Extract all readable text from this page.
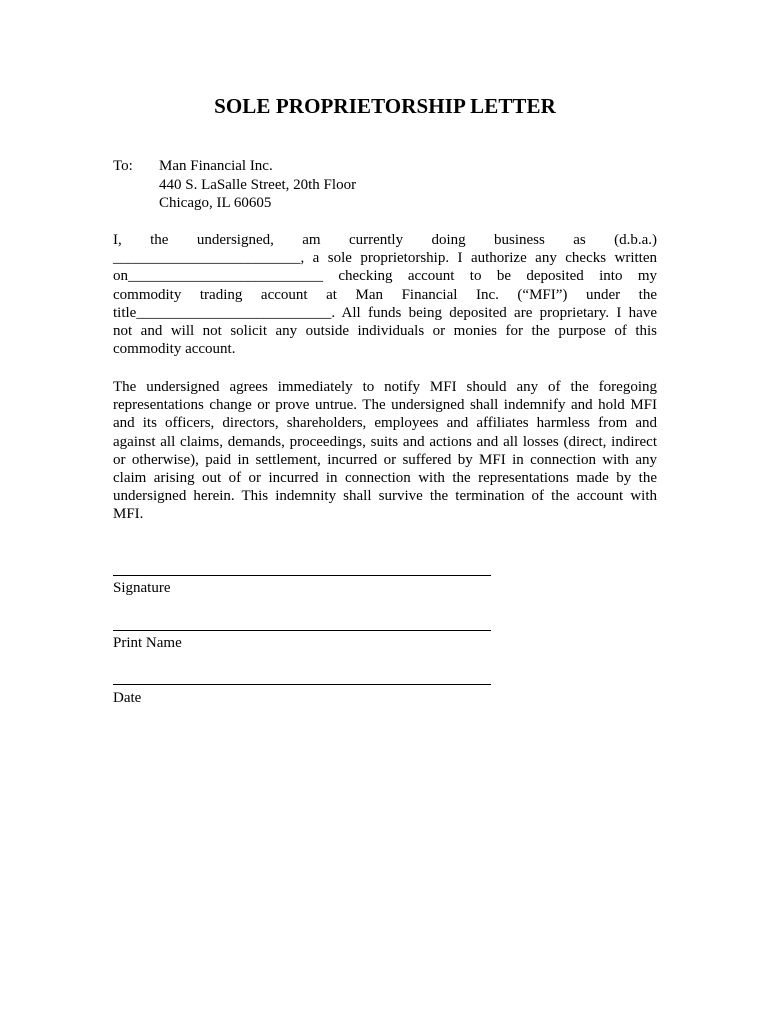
SOLE PROPRIETORSHIP LETTER
To: Man Financial Inc.
440 S. LaSalle Street, 20th Floor
Chicago, IL 60605
I, the undersigned, am currently doing business as (d.b.a.)
_________________________, a sole proprietorship. I authorize any checks written
on__________________________ checking account to be deposited into my
commodity trading account at Man Financial Inc. (“MFI”) under the
title__________________________. All funds being deposited are proprietary. I have
not and will not solicit any outside individuals or monies for the purpose of this
commodity account.
The undersigned agrees immediately to notify MFI should any of the foregoing
representations change or prove untrue. The undersigned shall indemnify and hold MFI
and its officers, directors, shareholders, employees and affiliates harmless from and
against all claims, demands, proceedings, suits and actions and all losses (direct, indirect
or otherwise), paid in settlement, incurred or suffered by MFI in connection with any
claim arising out of or incurred in connection with the representations made by the
undersigned herein. This indemnity shall survive the termination of the account with
MFI.
Signature
Print Name
Date
